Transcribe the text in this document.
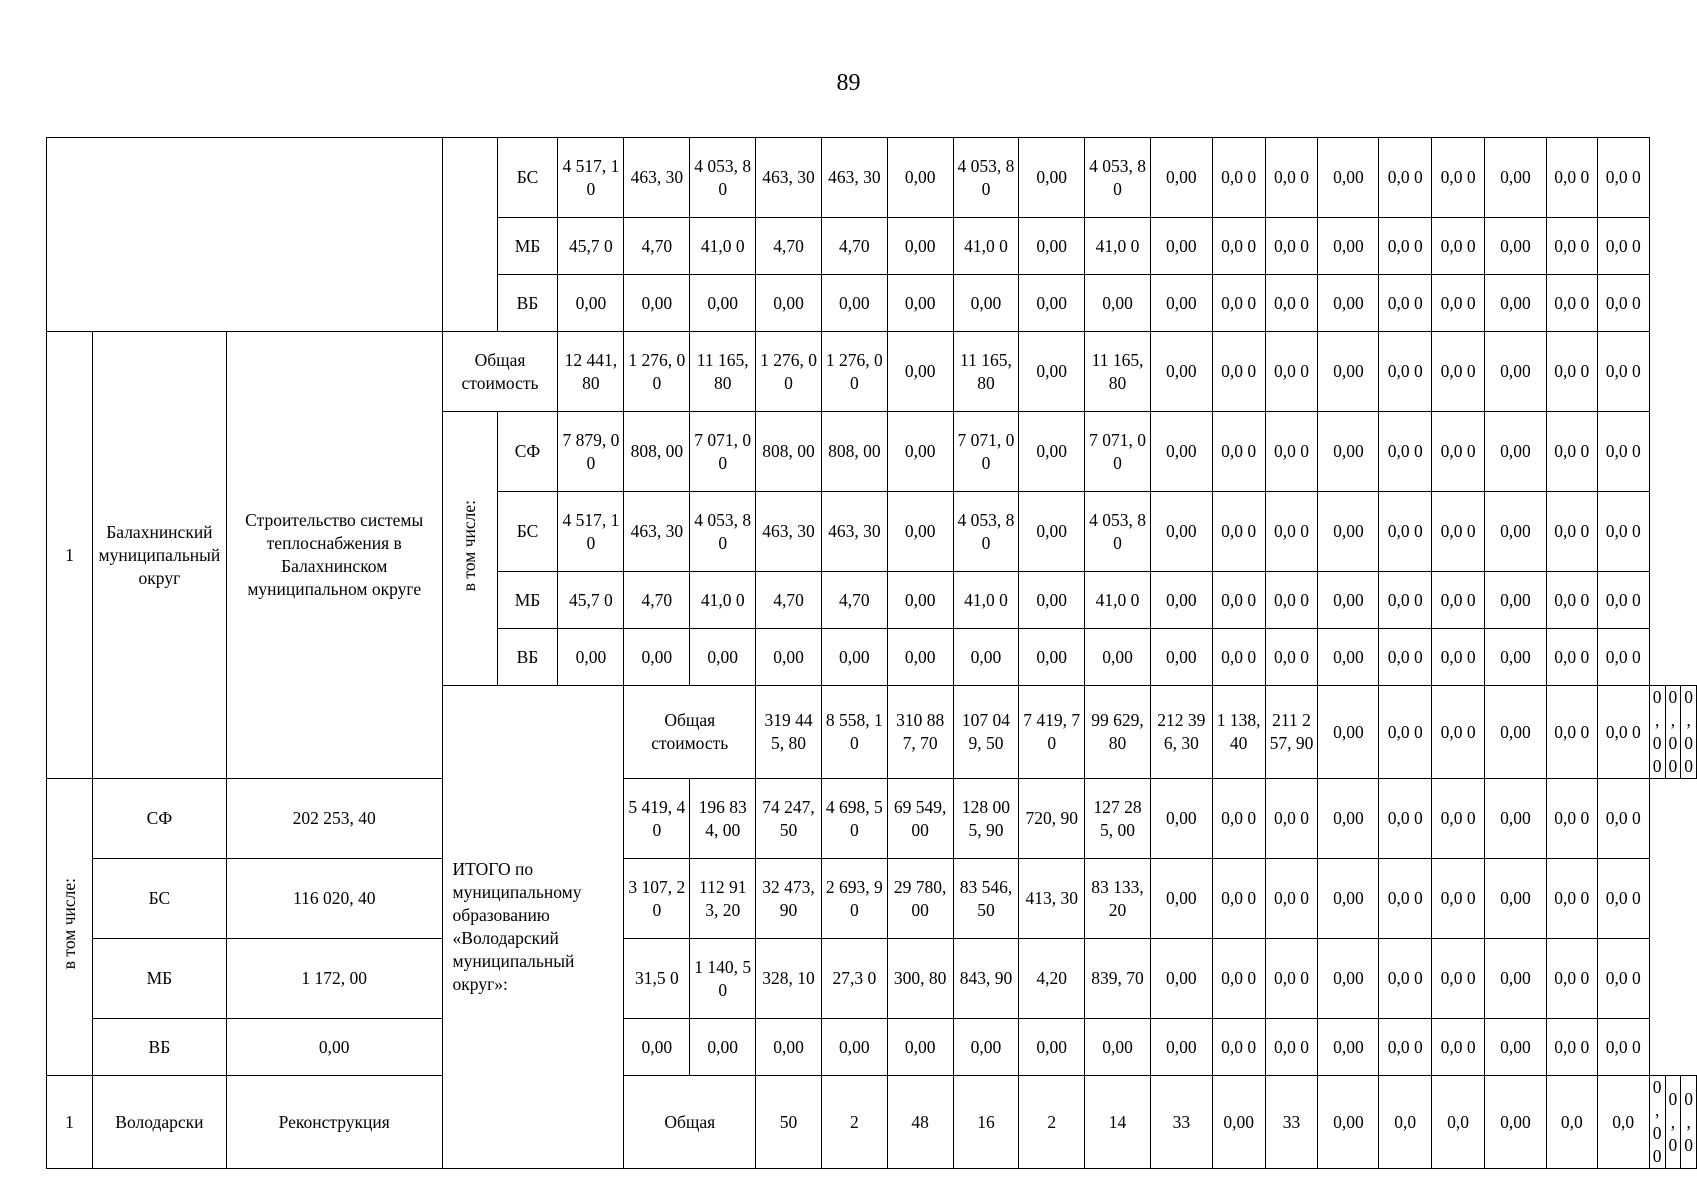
89
				БС	4 517, 10	463, 30	4 053, 80	463, 30	463, 30	0,00	4 053, 80	0,00	4 053, 80	0,00	0,0 0	0,0 0	0,00	0,0 0	0,0 0	0,00	0,0 0	0,0 0			
				МБ	45,7 0	4,70	41,0 0	4,70	4,70	0,00	41,0 0	0,00	41,0 0	0,00	0,0 0	0,0 0	0,00	0,0 0	0,0 0	0,00	0,0 0	0,0 0			
				ВБ	0,00	0,00	0,00	0,00	0,00	0,00	0,00	0,00	0,00	0,00	0,0 0	0,0 0	0,00	0,0 0	0,0 0	0,00	0,0 0	0,0 0			
1	Балахнинский муниципальный округ	Строительство системы теплоснабжения в Балахнинском муниципальном округе	Общая стоимость		12 441, 80	1 276, 00	11 165, 80	1 276, 00	1 276, 00	0,00	11 165, 80	0,00	11 165, 80	0,00	0,0 0	0,0 0	0,00	0,0 0	0,0 0	0,00	0,0 0	0,0 0			
			в том числе:	СФ	7 879, 00	808, 00	7 071, 00	808, 00	808, 00	0,00	7 071, 00	0,00	7 071, 00	0,00	0,0 0	0,0 0	0,00	0,0 0	0,0 0	0,00	0,0 0	0,0 0			
				БС	4 517, 10	463, 30	4 053, 80	463, 30	463, 30	0,00	4 053, 80	0,00	4 053, 80	0,00	0,0 0	0,0 0	0,00	0,0 0	0,0 0	0,00	0,0 0	0,0 0			
				МБ	45,7 0	4,70	41,0 0	4,70	4,70	0,00	41,0 0	0,00	41,0 0	0,00	0,0 0	0,0 0	0,00	0,0 0	0,0 0	0,00	0,0 0	0,0 0			
				ВБ	0,00	0,00	0,00	0,00	0,00	0,00	0,00	0,00	0,00	0,00	0,0 0	0,0 0	0,00	0,0 0	0,0 0	0,00	0,0 0	0,0 0			
			ИТОГО по муниципальному образованию «Володарский муниципальный округ»:			Общая стоимость		319 445, 80	8 558, 10	310 887, 70	107 049, 50	7 419, 70	99 629, 80	212 396, 30	1 138, 40	211 257, 90	0,00	0,0 0	0,0 0	0,00	0,0 0	0,0 0	0,00	0,0 0	0,0 0
в том числе:	СФ	202 253, 40				5 419, 40	196 834, 00	74 247, 50	4 698, 50	69 549, 00	128 005, 90	720, 90	127 285, 00	0,00	0,0 0	0,0 0	0,00	0,0 0	0,0 0	0,00	0,0 0	0,0 0			
	БС	116 020, 40				3 107, 20	112 913, 20	32 473, 90	2 693, 90	29 780, 00	83 546, 50	413, 30	83 133, 20	0,00	0,0 0	0,0 0	0,00	0,0 0	0,0 0	0,00	0,0 0	0,0 0			
	МБ	1 172, 00				31,5 0	1 140, 50	328, 10	27,3 0	300, 80	843, 90	4,20	839, 70	0,00	0,0 0	0,0 0	0,00	0,0 0	0,0 0	0,00	0,0 0	0,0 0			
	ВБ	0,00				0,00	0,00	0,00	0,00	0,00	0,00	0,00	0,00	0,00	0,0 0	0,0 0	0,00	0,0 0	0,0 0	0,00	0,0 0	0,0 0			
1	Володарски	Реконструкция				Общая		50	2	48	16	2	14	33	0,00	33	0,00	0,0	0,0	0,00	0,0	0,0	0,00	0,0	0,0
